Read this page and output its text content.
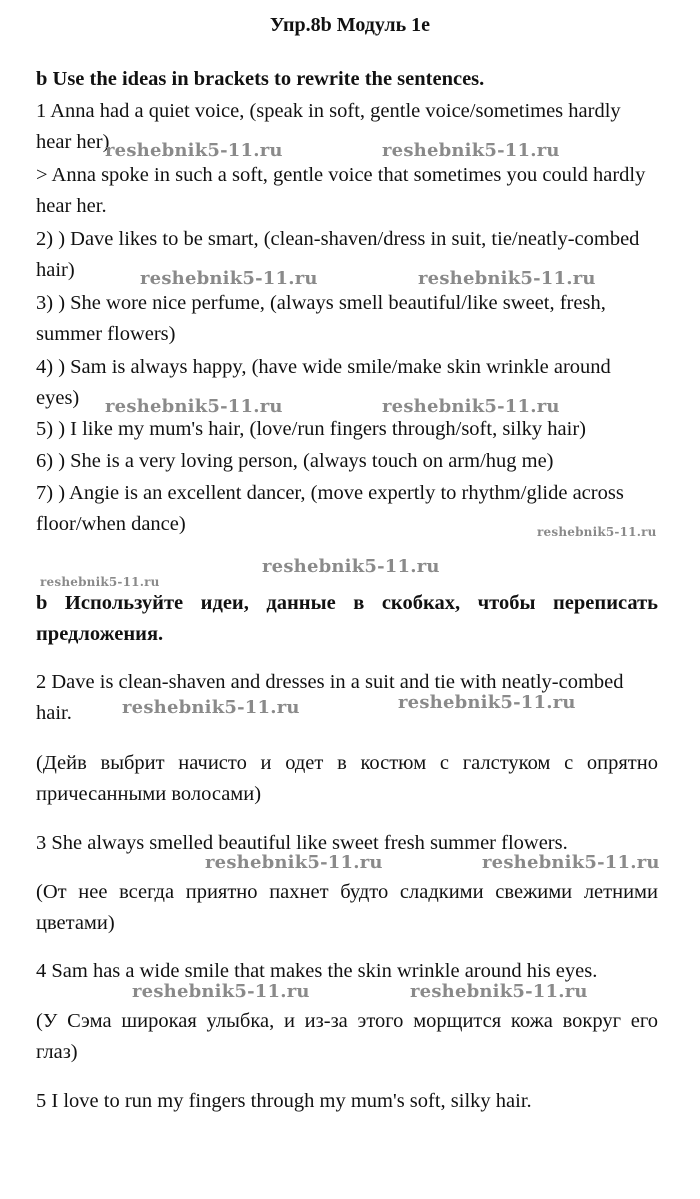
Упр.8b Модуль 1е

b Use the ideas in brackets to rewrite the sentences.

1 Anna had a quiet voice, (speak in soft, gentle voice/sometimes hardly hear her)

> Anna spoke in such a soft, gentle voice that sometimes you could hardly hear her.

2) ) Dave likes to be smart, (clean-shaven/dress in suit, tie/neatly-combed hair)

3) ) She wore nice perfume, (always smell beautiful/like sweet, fresh, summer flowers)

4) ) Sam is always happy, (have wide smile/make skin wrinkle around eyes)

5) ) I like my mum's hair, (love/run fingers through/soft, silky hair)

6) ) She is a very loving person, (always touch on arm/hug me)

7) ) Angie is an excellent dancer, (move expertly to rhythm/glide across floor/when dance)

b Используйте идеи, данные в скобках, чтобы переписать предложения.

2 Dave is clean-shaven and dresses in a suit and tie with neatly-combed hair.

(Дейв выбрит начисто и одет в костюм с галстуком с опрятно причесанными волосами)

3 She always smelled beautiful like sweet fresh summer flowers.

(От нее всегда приятно пахнет будто сладкими свежими летними цветами)

4 Sam has a wide smile that makes the skin wrinkle around his eyes.

(У Сэма широкая улыбка, и из-за этого морщится кожа вокруг его глаз)

5 I love to run my fingers through my mum's soft, silky hair.

reshebnik5-11.ru	reshebnik5-11.ru
reshebnik5-11.ru	reshebnik5-11.ru
reshebnik5-11.ru	reshebnik5-11.ru
reshebnik5-11.ru
reshebnik5-11.ru
reshebnik5-11.ru
reshebnik5-11.ru	reshebnik5-11.ru
reshebnik5-11.ru	reshebnik5-11.ru
reshebnik5-11.ru	reshebnik5-11.ru
